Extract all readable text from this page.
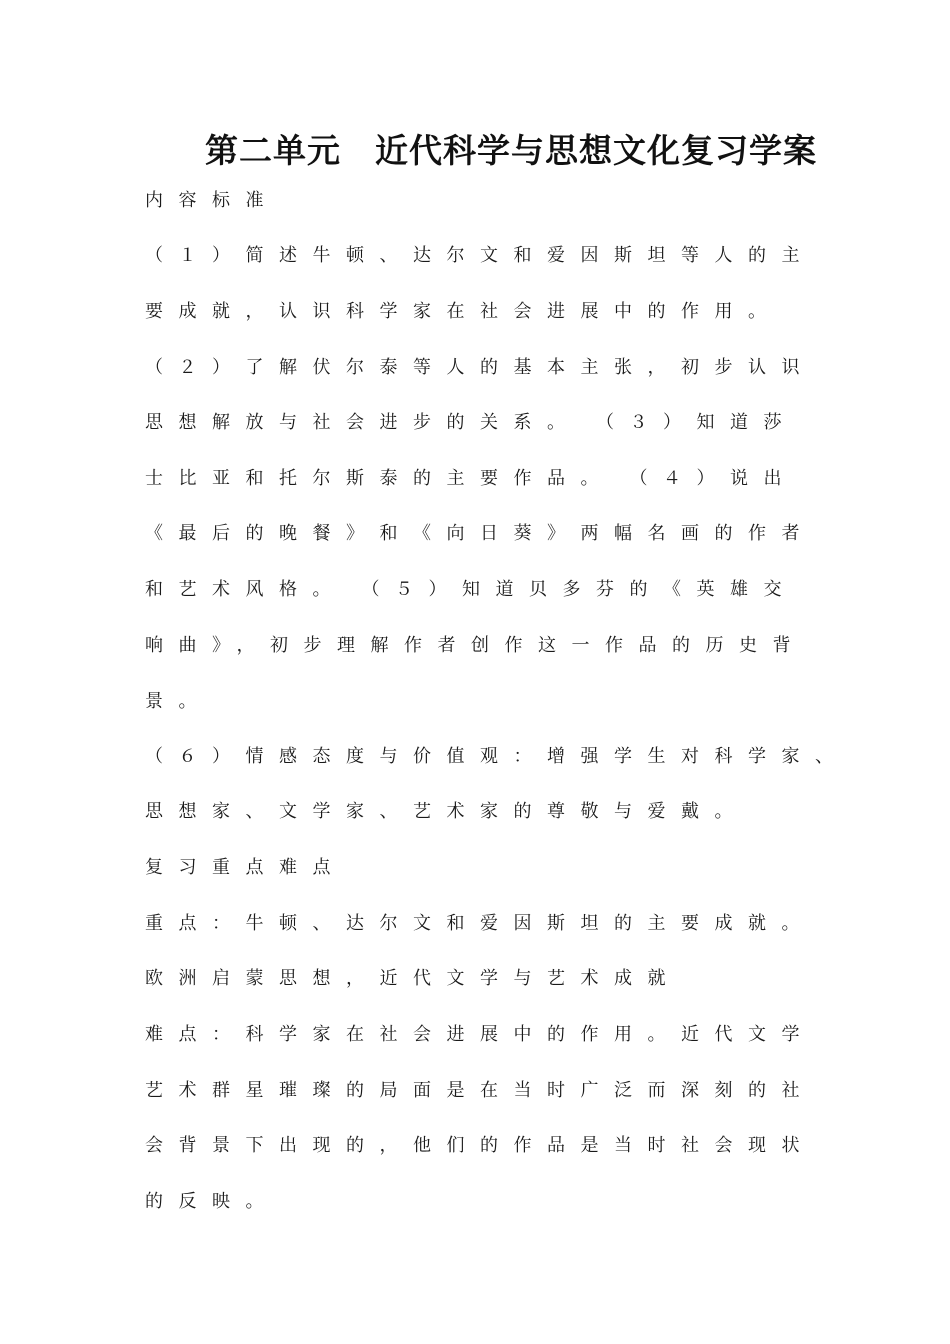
第二单元　近代科学与思想文化复习学案
内容标准
（１）简述牛顿、达尔文和爱因斯坦等人的主
要成就，认识科学家在社会进展中的作用。
（２）了解伏尔泰等人的基本主张，初步认识
思想解放与社会进步的关系。　（３）知道莎
士比亚和托尔斯泰的主要作品。　（４）说出
《最后的晚餐》和《向日葵》两幅名画的作者
和艺术风格。　（５）知道贝多芬的《英雄交
响曲》，初步理解作者创作这一作品的历史背
景。
（６）情感态度与价值观：增强学生对科学家、
思想家、文学家、艺术家的尊敬与爱戴。
复习重点难点
重点：牛顿、达尔文和爱因斯坦的主要成就。
欧洲启蒙思想，近代文学与艺术成就
难点：科学家在社会进展中的作用。近代文学
艺术群星璀璨的局面是在当时广泛而深刻的社
会背景下出现的，他们的作品是当时社会现状
的反映。
